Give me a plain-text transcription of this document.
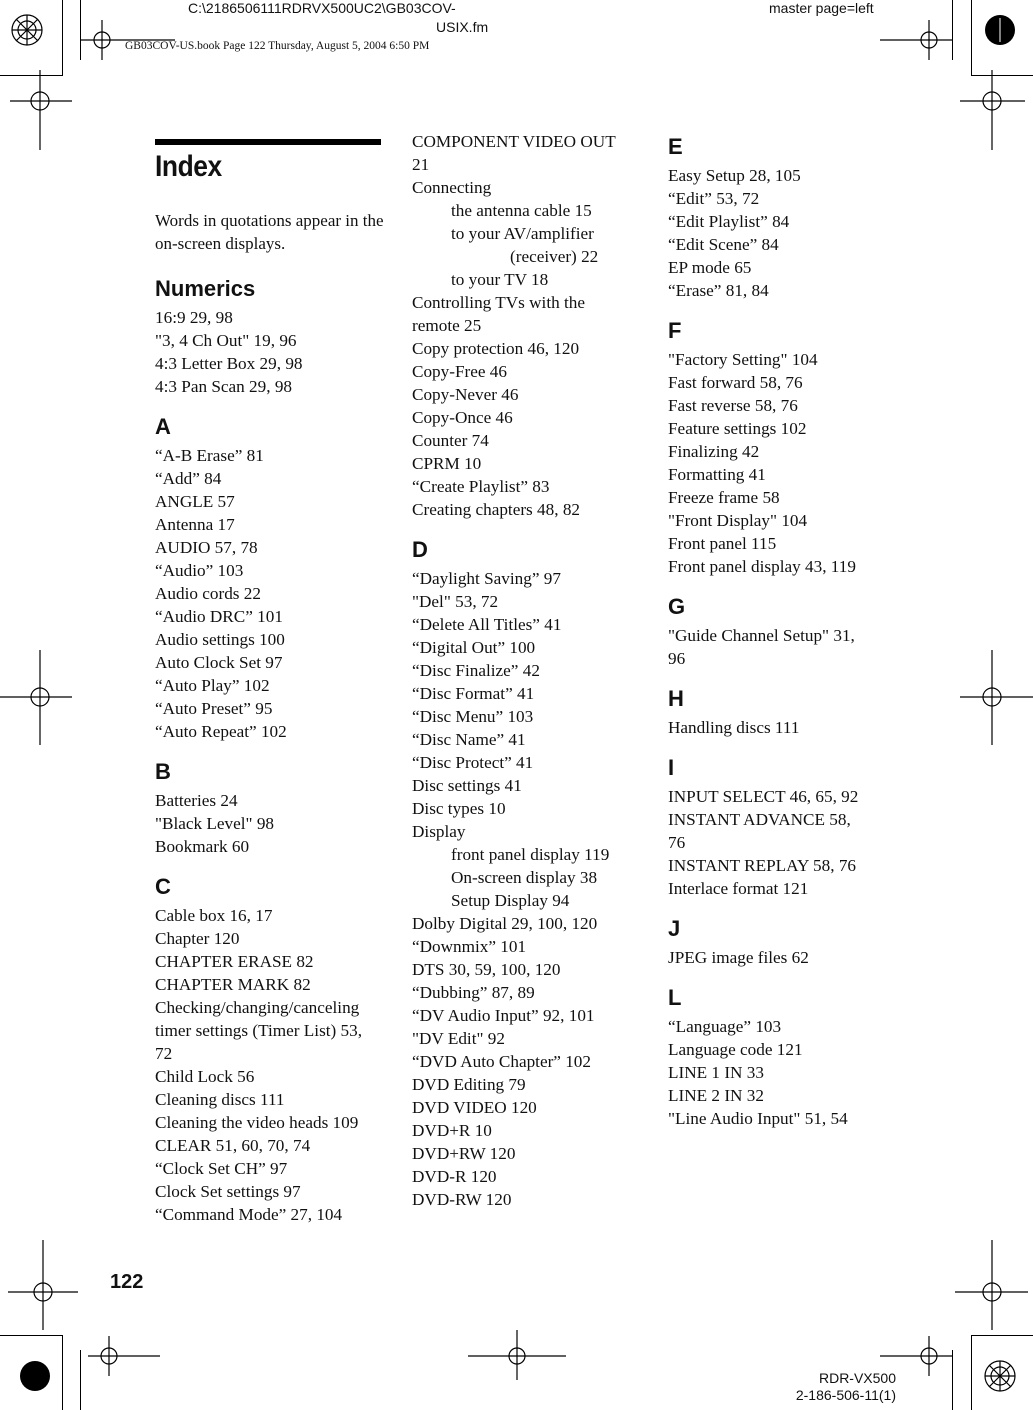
C:\2186506111RDRVX500UC2\GB03COV-
USIX.fm
master page=left
GB03COV-US.book Page 122 Thursday, August 5, 2004 6:50 PM
Index
Words in quotations appear in the on-screen displays.
Numerics
16:9 29, 98
"3, 4 Ch Out" 19, 96
4:3 Letter Box 29, 98
4:3 Pan Scan 29, 98
A
“A-B Erase” 81
“Add” 84
ANGLE 57
Antenna 17
AUDIO 57, 78
“Audio” 103
Audio cords 22
“Audio DRC” 101
Audio settings 100
Auto Clock Set 97
“Auto Play” 102
“Auto Preset” 95
“Auto Repeat” 102
B
Batteries 24
"Black Level" 98
Bookmark 60
C
Cable box 16, 17
Chapter 120
CHAPTER ERASE 82
CHAPTER MARK 82
Checking/changing/canceling
timer settings (Timer List) 53,
72
Child Lock 56
Cleaning discs 111
Cleaning the video heads 109
CLEAR 51, 60, 70, 74
“Clock Set CH” 97
Clock Set settings 97
“Command Mode” 27, 104
COMPONENT VIDEO OUT
21
Connecting
the antenna cable 15
to your AV/amplifier
(receiver) 22
to your TV 18
Controlling TVs with the
remote 25
Copy protection 46, 120
Copy-Free 46
Copy-Never 46
Copy-Once 46
Counter 74
CPRM 10
“Create Playlist” 83
Creating chapters 48, 82
D
“Daylight Saving” 97
"Del" 53, 72
“Delete All Titles” 41
“Digital Out” 100
“Disc Finalize” 42
“Disc Format” 41
“Disc Menu” 103
“Disc Name” 41
“Disc Protect” 41
Disc settings 41
Disc types 10
Display
front panel display 119
On-screen display 38
Setup Display 94
Dolby Digital 29, 100, 120
“Downmix” 101
DTS 30, 59, 100, 120
“Dubbing” 87, 89
“DV Audio Input” 92, 101
"DV Edit" 92
“DVD Auto Chapter” 102
DVD Editing 79
DVD VIDEO 120
DVD+R 10
DVD+RW 120
DVD-R 120
DVD-RW 120
E
Easy Setup 28, 105
“Edit” 53, 72
“Edit Playlist” 84
“Edit Scene” 84
EP mode 65
“Erase” 81, 84
F
"Factory Setting" 104
Fast forward 58, 76
Fast reverse 58, 76
Feature settings 102
Finalizing 42
Formatting 41
Freeze frame 58
"Front Display" 104
Front panel 115
Front panel display 43, 119
G
"Guide Channel Setup" 31,
96
H
Handling discs 111
I
INPUT SELECT 46, 65, 92
INSTANT ADVANCE 58,
76
INSTANT REPLAY 58, 76
Interlace format 121
J
JPEG image files 62
L
“Language” 103
Language code 121
LINE 1 IN 33
LINE 2 IN 32
"Line Audio Input" 51, 54
122
RDR-VX500
2-186-506-11(1)
